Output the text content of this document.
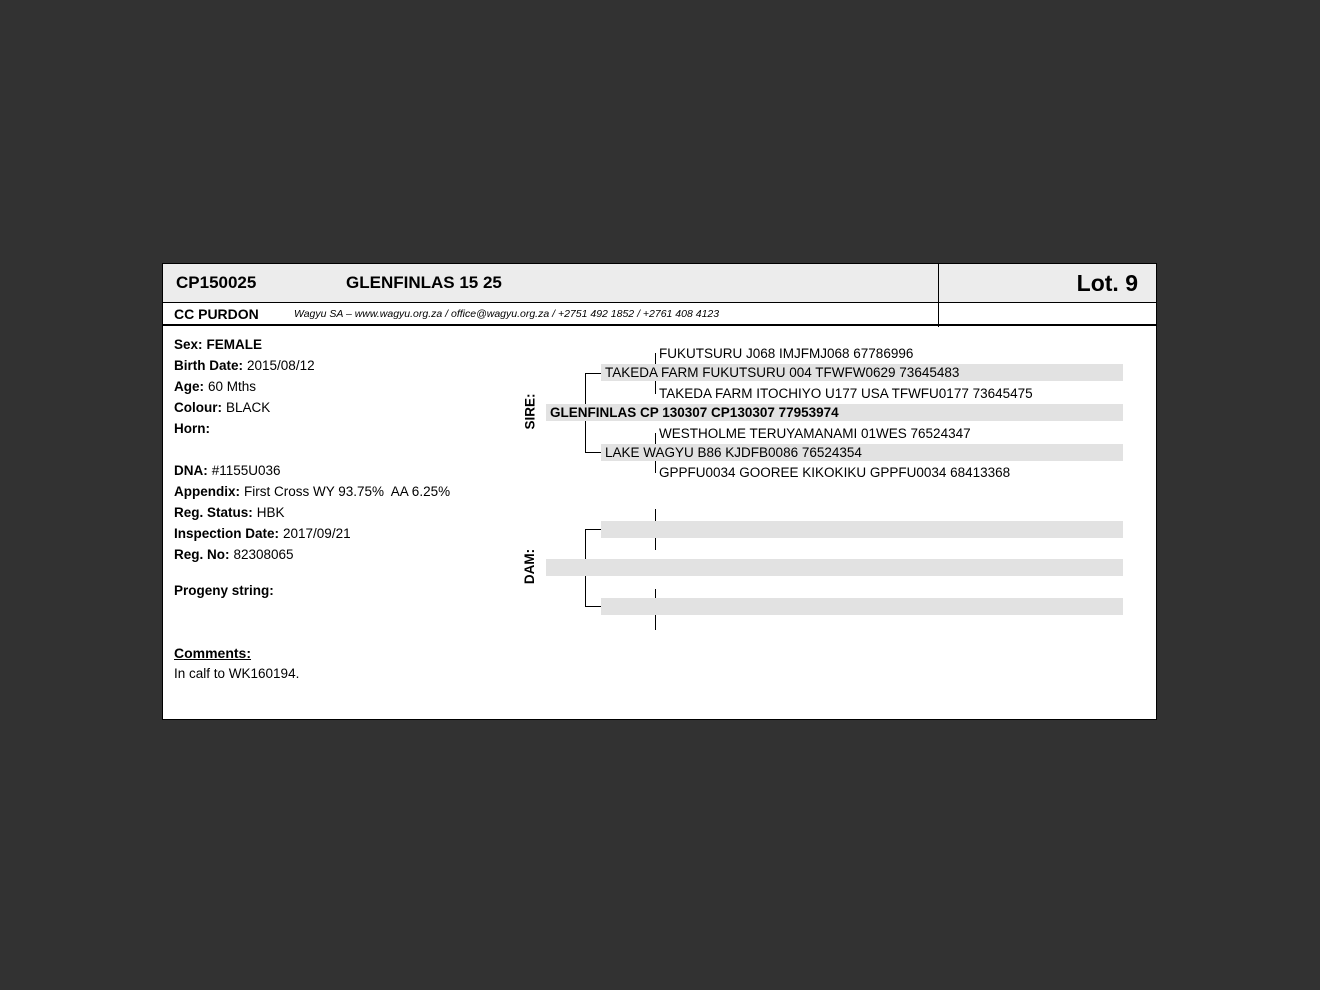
CP150025	GLENFINLAS 15 25	Lot. 9
CC PURDON	Wagyu SA – www.wagyu.org.za / office@wagyu.org.za / +2751 492 1852 / +2761 408 4123
Sex: FEMALE
Birth Date: 2015/08/12
Age: 60 Mths
Colour: BLACK
Horn:
DNA: #1155U036
Appendix: First Cross WY 93.75%  AA 6.25%
Reg. Status: HBK
Inspection Date: 2017/09/21
Reg. No: 82308065
Progeny string:
Comments:
In calf to WK160194.
SIRE:
DAM:
FUKUTSURU J068 IMJFMJ068 67786996
TAKEDA FARM FUKUTSURU 004 TFWFW0629 73645483
TAKEDA FARM ITOCHIYO U177 USA TFWFU0177 73645475
GLENFINLAS CP 130307 CP130307 77953974
WESTHOLME TERUYAMANAMI 01WES 76524347
LAKE WAGYU B86 KJDFB0086 76524354
GPPFU0034 GOOREE KIKOKIKU GPPFU0034 68413368
